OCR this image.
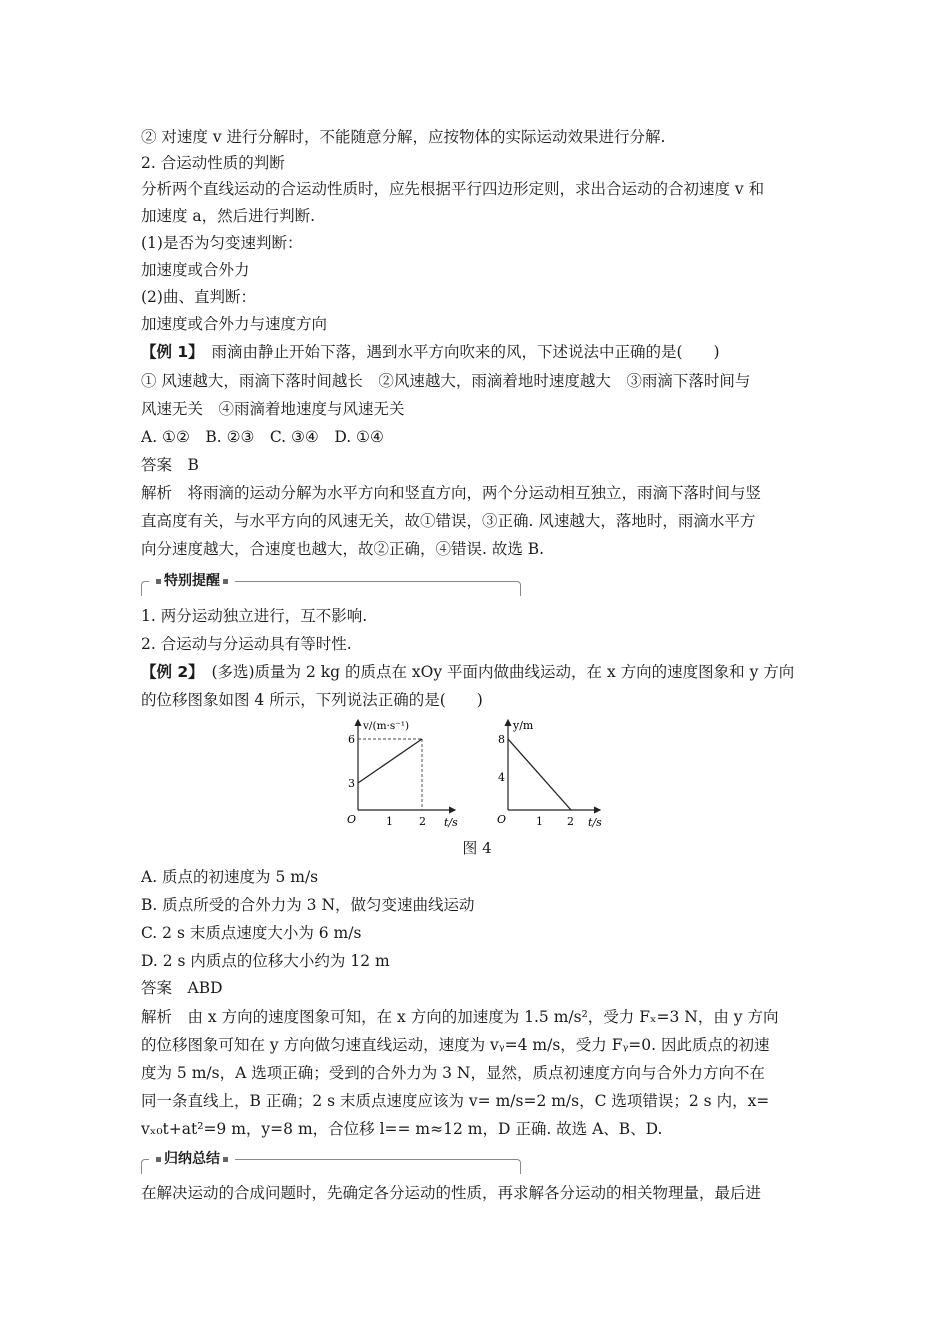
② 对速度 v 进行分解时，不能随意分解，应按物体的实际运动效果进行分解.
2. 合运动性质的判断
分析两个直线运动的合运动性质时，应先根据平行四边形定则，求出合运动的合初速度 v 和
加速度 a，然后进行判断.
(1)是否为匀变速判断：
加速度或合外力
(2)曲、直判断：
加速度或合外力与速度方向
【例 1】　雨滴由静止开始下落，遇到水平方向吹来的风，下述说法中正确的是(　　)
① 风速越大，雨滴下落时间越长　②风速越大，雨滴着地时速度越大　③雨滴下落时间与
风速无关　④雨滴着地速度与风速无关
A. ①②　B. ②③　C. ③④　D. ①④
答案　B
解析　将雨滴的运动分解为水平方向和竖直方向，两个分运动相互独立，雨滴下落时间与竖
直高度有关，与水平方向的风速无关，故①错误，③正确. 风速越大，落地时，雨滴水平方
向分速度越大，合速度也越大，故②正确，④错误. 故选 B.
特别提醒
1. 两分运动独立进行，互不影响.
2. 合运动与分运动具有等时性.
【例 2】　(多选)质量为 2 kg 的质点在 xOy 平面内做曲线运动，在 x 方向的速度图象和 y 方向
的位移图象如图 4 所示，下列说法正确的是(　　)
v/(m·s⁻¹)
t/s
O	1 2
3
6
y/m
t/s
O	1 2
4
8
图 4
A. 质点的初速度为 5 m/s
B. 质点所受的合外力为 3 N，做匀变速曲线运动
C. 2 s 末质点速度大小为 6 m/s
D. 2 s 内质点的位移大小约为 12 m
答案　ABD
解析　由 x 方向的速度图象可知，在 x 方向的加速度为 1.5 m/s²，受力 Fₓ=3 N，由 y 方向
的位移图象可知在 y 方向做匀速直线运动，速度为 vᵧ=4 m/s，受力 Fᵧ=0. 因此质点的初速
度为 5 m/s，A 选项正确；受到的合外力为 3 N，显然，质点初速度方向与合外力方向不在
同一条直线上，B 正确；2 s 末质点速度应该为 v= m/s=2 m/s，C 选项错误；2 s 内，x=
vₓ₀t+at²=9 m，y=8 m，合位移 l== m≈12 m，D 正确. 故选 A、B、D.
归纳总结
在解决运动的合成问题时，先确定各分运动的性质，再求解各分运动的相关物理量，最后进
